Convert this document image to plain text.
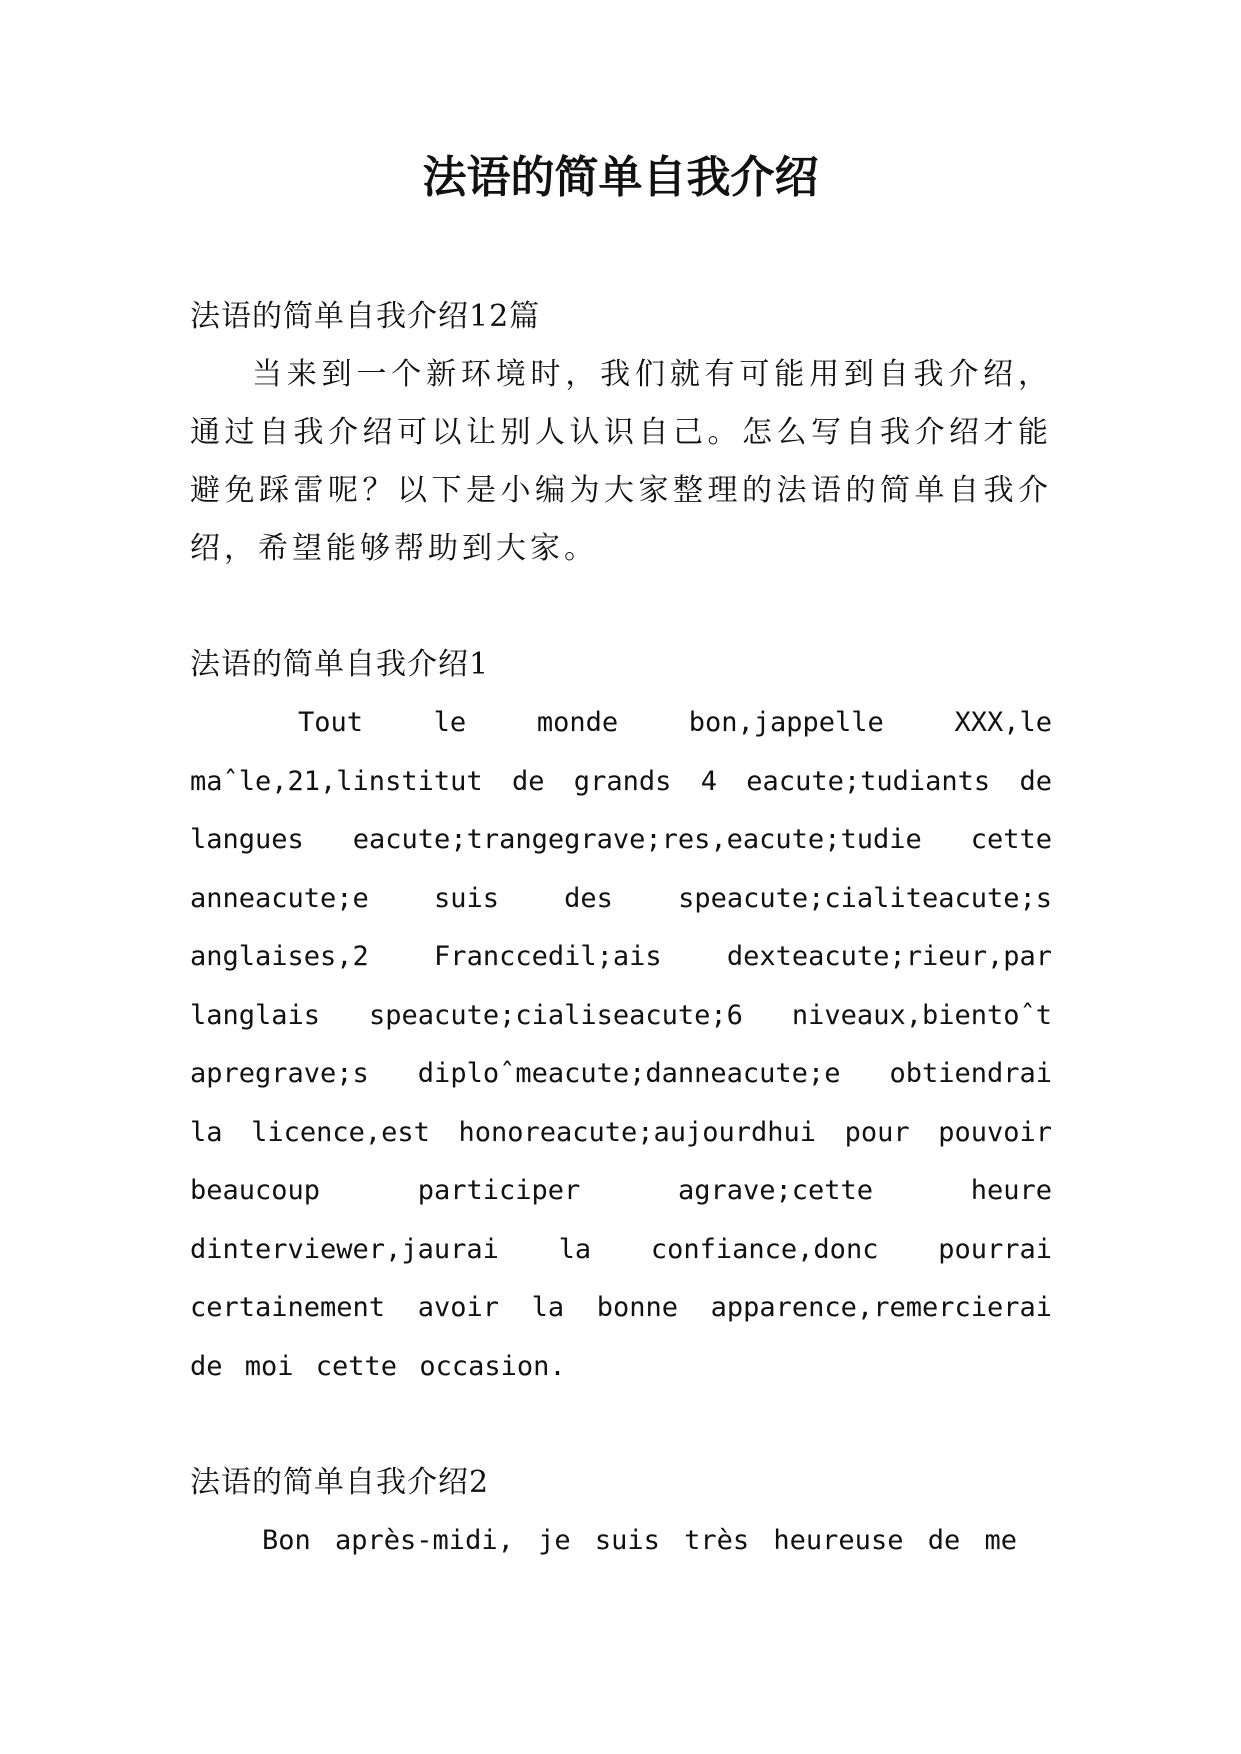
法语的简单自我介绍

法语的简单自我介绍12篇

当来到一个新环境时，我们就有可能用到自我介绍，通过自我介绍可以让别人认识自己。怎么写自我介绍才能避免踩雷呢？以下是小编为大家整理的法语的简单自我介绍，希望能够帮助到大家。

法语的简单自我介绍1

Tout le monde bon,jappelle XXX,le maˆle,21,linstitut de grands 4 eacute;tudiants de langues eacute;trangegrave;res,eacute;tudie cette anneacute;e suis des speacute;cialiteacute;s anglaises,2 Franccedil;ais dexteacute;rieur,par langlais speacute;cialiseacute;6 niveaux,bientoˆt apregrave;s diploˆmeacute;danneacute;e obtiendrai la licence,est honoreacute;aujourdhui pour pouvoir beaucoup participer agrave;cette heure dinterviewer,jaurai la confiance,donc pourrai certainement avoir la bonne apparence,remercierai de moi cette occasion.

法语的简单自我介绍2

Bon après-midi, je suis très heureuse de me
